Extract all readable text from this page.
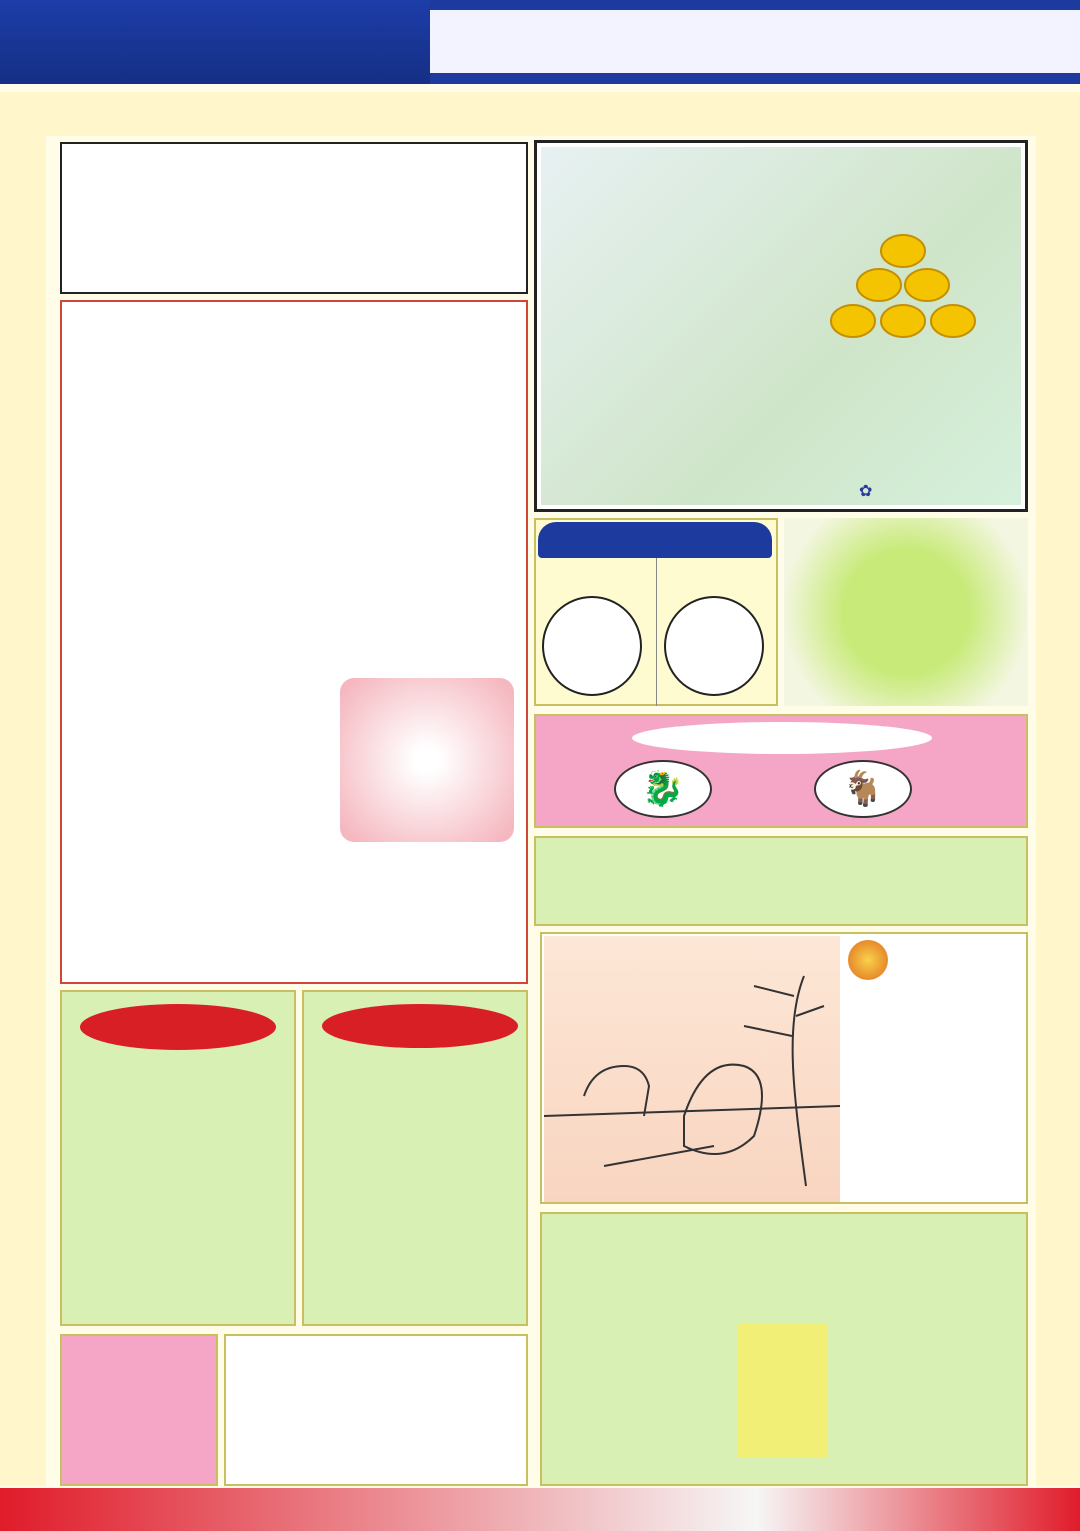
✿
🐉	🐐
